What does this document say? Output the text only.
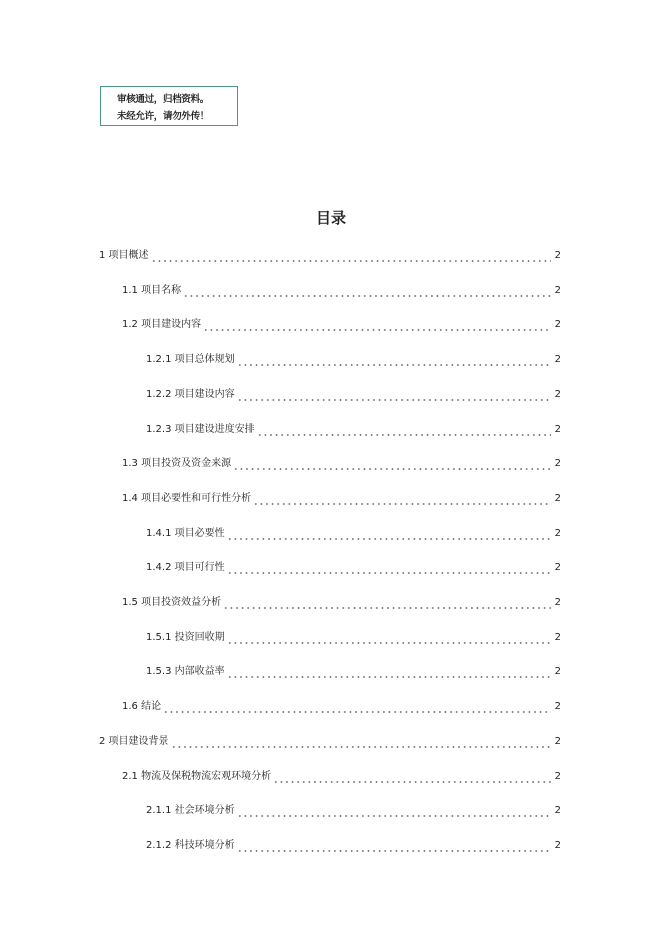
审核通过，归档资料。
未经允许，请勿外传！
目录
1 项目概述	2
1.1 项目名称	2
1.2 项目建设内容	2
1.2.1 项目总体规划	2
1.2.2 项目建设内容	2
1.2.3 项目建设进度安排	2
1.3 项目投资及资金来源	2
1.4 项目必要性和可行性分析	2
1.4.1 项目必要性	2
1.4.2 项目可行性	2
1.5 项目投资效益分析	2
1.5.1 投资回收期	2
1.5.3 内部收益率	2
1.6 结论	2
2 项目建设背景	2
2.1 物流及保税物流宏观环境分析	2
2.1.1 社会环境分析	2
2.1.2 科技环境分析	2
